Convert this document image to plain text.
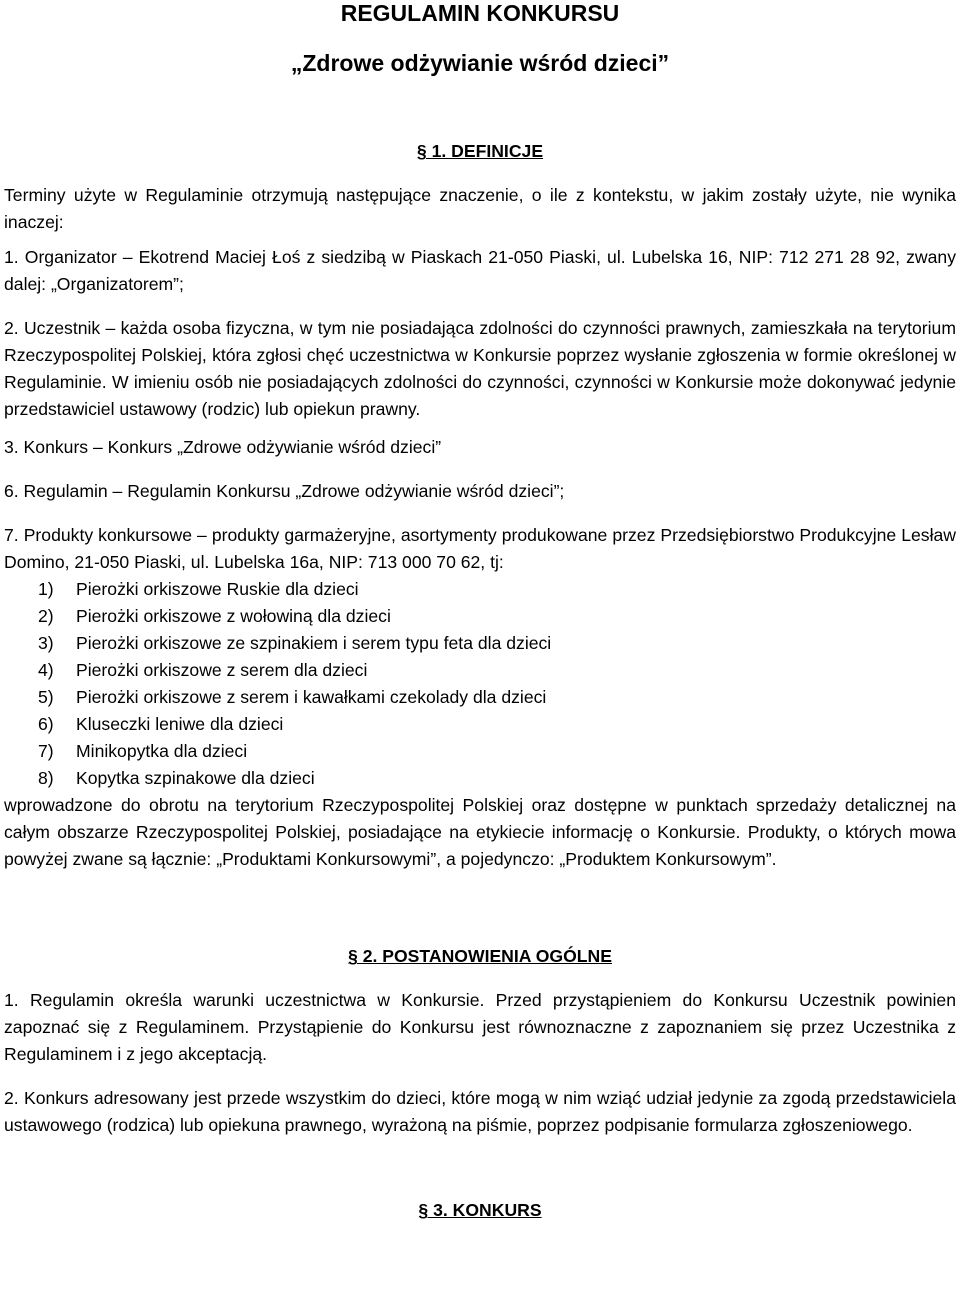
REGULAMIN KONKURSU
„Zdrowe odżywianie wśród dzieci”
§ 1. DEFINICJE

Terminy użyte w Regulaminie otrzymują następujące znaczenie, o ile z kontekstu, w jakim zostały użyte, nie wynika inaczej:

1. Organizator – Ekotrend Maciej Łoś z siedzibą w Piaskach 21-050 Piaski, ul. Lubelska 16, NIP: 712 271 28 92, zwany dalej: „Organizatorem”;

2. Uczestnik – każda osoba fizyczna, w tym nie posiadająca zdolności do czynności prawnych, zamieszkała na terytorium Rzeczypospolitej Polskiej, która zgłosi chęć uczestnictwa w Konkursie poprzez wysłanie zgłoszenia w formie określonej w Regulaminie. W imieniu osób nie posiadających zdolności do czynności, czynności w Konkursie może dokonywać jedynie przedstawiciel ustawowy (rodzic) lub opiekun prawny.

3. Konkurs – Konkurs „Zdrowe odżywianie wśród dzieci”

6. Regulamin – Regulamin Konkursu „Zdrowe odżywianie wśród dzieci”;

7. Produkty konkursowe – produkty garmażeryjne, asortymenty produkowane przez Przedsiębiorstwo Produkcyjne Lesław Domino, 21-050 Piaski, ul. Lubelska 16a, NIP: 713 000 70 62, tj:

1)	Pierożki orkiszowe Ruskie dla dzieci
2)	Pierożki orkiszowe z wołowiną dla dzieci
3)	Pierożki orkiszowe ze szpinakiem i serem typu feta dla dzieci
4)	Pierożki orkiszowe z serem dla dzieci
5)	Pierożki orkiszowe z serem i kawałkami czekolady dla dzieci
6)	Kluseczki leniwe dla dzieci
7)	Minikopytka dla dzieci
8)	Kopytka szpinakowe dla dzieci

wprowadzone do obrotu na terytorium Rzeczypospolitej Polskiej oraz dostępne w punktach sprzedaży detalicznej na całym obszarze Rzeczypospolitej Polskiej, posiadające na etykiecie informację o Konkursie. Produkty, o których mowa powyżej zwane są łącznie: „Produktami Konkursowymi”, a pojedynczo: „Produktem Konkursowym”.

§ 2. POSTANOWIENIA OGÓLNE

1. Regulamin określa warunki uczestnictwa w Konkursie. Przed przystąpieniem do Konkursu Uczestnik powinien zapoznać się z Regulaminem. Przystąpienie do Konkursu jest równoznaczne z zapoznaniem się przez Uczestnika z Regulaminem i z jego akceptacją.

2. Konkurs adresowany jest przede wszystkim do dzieci, które mogą w nim wziąć udział jedynie za zgodą przedstawiciela ustawowego (rodzica) lub opiekuna prawnego, wyrażoną na piśmie, poprzez podpisanie formularza zgłoszeniowego.

§ 3. KONKURS
